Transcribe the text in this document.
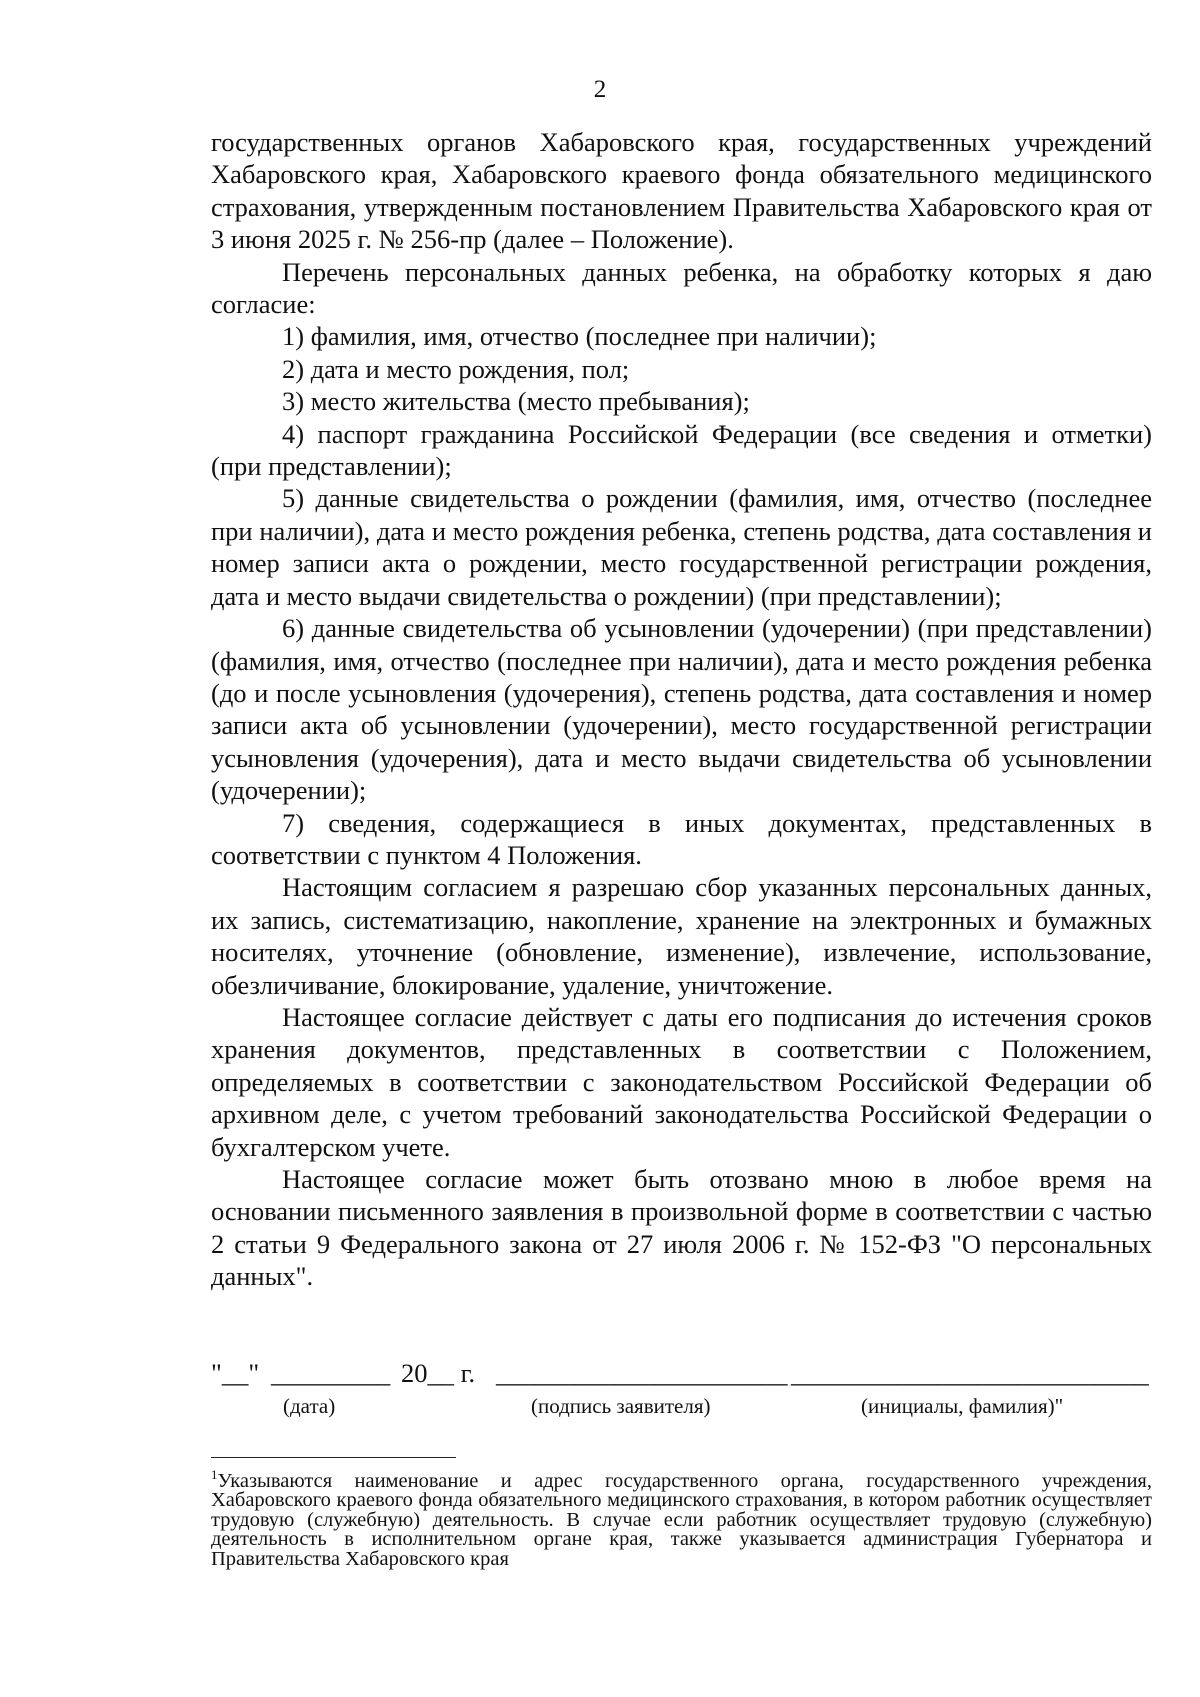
2

государственных органов Хабаровского края, государственных учреждений Хабаровского края, Хабаровского краевого фонда обязательного медицинского страхования, утвержденным постановлением Правительства Хабаровского края от 3 июня 2025 г. № 256-пр (далее – Положение).

Перечень персональных данных ребенка, на обработку которых я даю согласие:

1) фамилия, имя, отчество (последнее при наличии);

2) дата и место рождения, пол;

3) место жительства (место пребывания);

4) паспорт гражданина Российской Федерации (все сведения и отметки) (при представлении);

5) данные свидетельства о рождении (фамилия, имя, отчество (последнее при наличии), дата и место рождения ребенка, степень родства, дата составления и номер записи акта о рождении, место государственной регистрации рождения, дата и место выдачи свидетельства о рождении) (при представлении);

6) данные свидетельства об усыновлении (удочерении) (при представлении) (фамилия, имя, отчество (последнее при наличии), дата и место рождения ребенка (до и после усыновления (удочерения), степень родства, дата составления и номер записи акта об усыновлении (удочерении), место государственной регистрации усыновления (удочерения), дата и место выдачи свидетельства об усыновлении (удочерении);

7) сведения, содержащиеся в иных документах, представленных в соответствии с пунктом 4 Положения.

Настоящим согласием я разрешаю сбор указанных персональных данных, их запись, систематизацию, накопление, хранение на электронных и бумажных носителях, уточнение (обновление, изменение), извлечение, использование, обезличивание, блокирование, удаление, уничтожение.

Настоящее согласие действует с даты его подписания до истечения сроков хранения документов, представленных в соответствии с Положением, определяемых в соответствии с законодательством Российской Федерации об архивном деле, с учетом требований законодательства Российской Федерации о бухгалтерском учете.

Настоящее согласие может быть отозвано мною в любое время на основании письменного заявления в произвольной форме в соответствии с частью 2 статьи 9 Федерального закона от 27 июля 2006 г. № 152-ФЗ "О персональных данных".

"__" _________ 20__ г. ______________________ ___________________________
(дата)	(подпись заявителя)	(инициалы, фамилия)"
$^1$Указываются наименование и адрес государственного органа, государственного учреждения, Хабаровского краевого фонда обязательного медицинского страхования, в котором работник осуществляет трудовую (служебную) деятельность. В случае если работник осуществляет трудовую (служебную) деятельность в исполнительном органе края, также указывается администрация Губернатора и Правительства Хабаровского края
